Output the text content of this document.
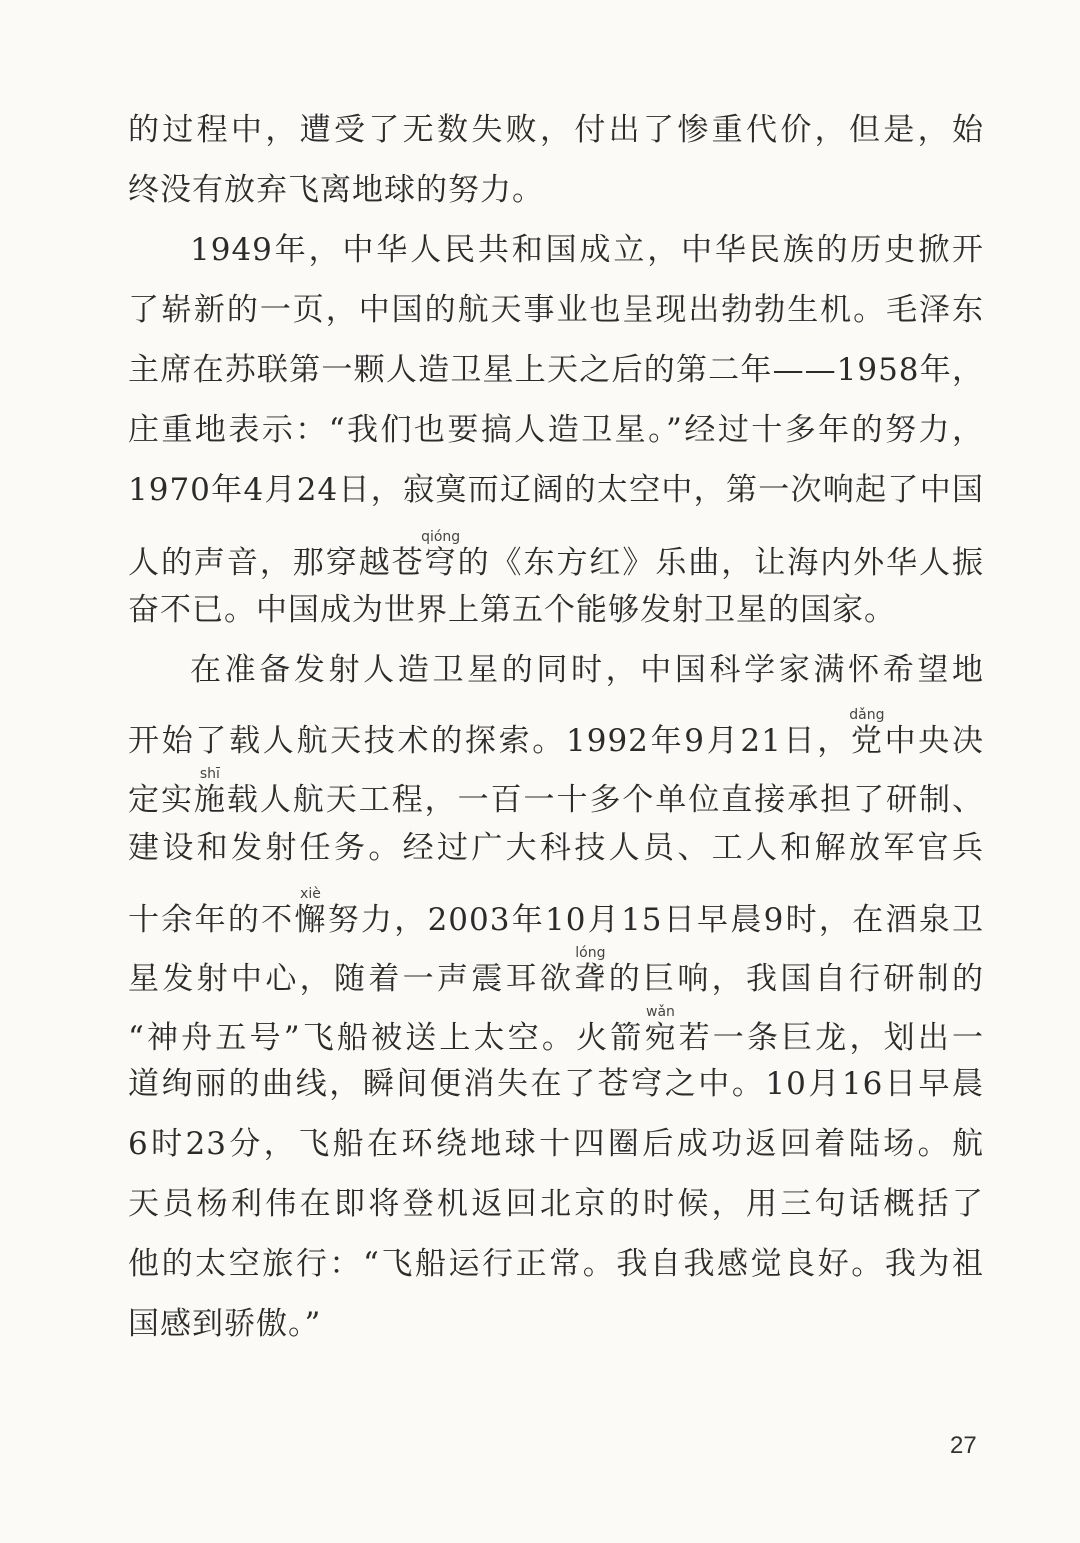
的过程中，遭受了无数失败，付出了惨重代价，但是，始
终没有放弃飞离地球的努力。
1949年，中华人民共和国成立，中华民族的历史掀开
了崭新的一页，中国的航天事业也呈现出勃勃生机。毛泽东
主席在苏联第一颗人造卫星上天之后的第二年——1958年，
庄重地表示：“我们也要搞人造卫星。”经过十多年的努力，
1970年4月24日，寂寞而辽阔的太空中，第一次响起了中国
人的声音，那穿越苍穹qióng的《东方红》乐曲，让海内外华人振
奋不已。中国成为世界上第五个能够发射卫星的国家。
在准备发射人造卫星的同时，中国科学家满怀希望地
开始了载人航天技术的探索。1992年9月21日，党dǎng中央决
定实施shī载人航天工程，一百一十多个单位直接承担了研制、
建设和发射任务。经过广大科技人员、工人和解放军官兵
十余年的不懈xiè努力，2003年10月15日早晨9时，在酒泉卫
星发射中心，随着一声震耳欲聋lóng的巨响，我国自行研制的
“神舟五号”飞船被送上太空。火箭宛wǎn若一条巨龙，划出一
道绚丽的曲线，瞬间便消失在了苍穹之中。10月16日早晨
6时23分，飞船在环绕地球十四圈后成功返回着陆场。航
天员杨利伟在即将登机返回北京的时候，用三句话概括了
他的太空旅行：“飞船运行正常。我自我感觉良好。我为祖
国感到骄傲。”
27
